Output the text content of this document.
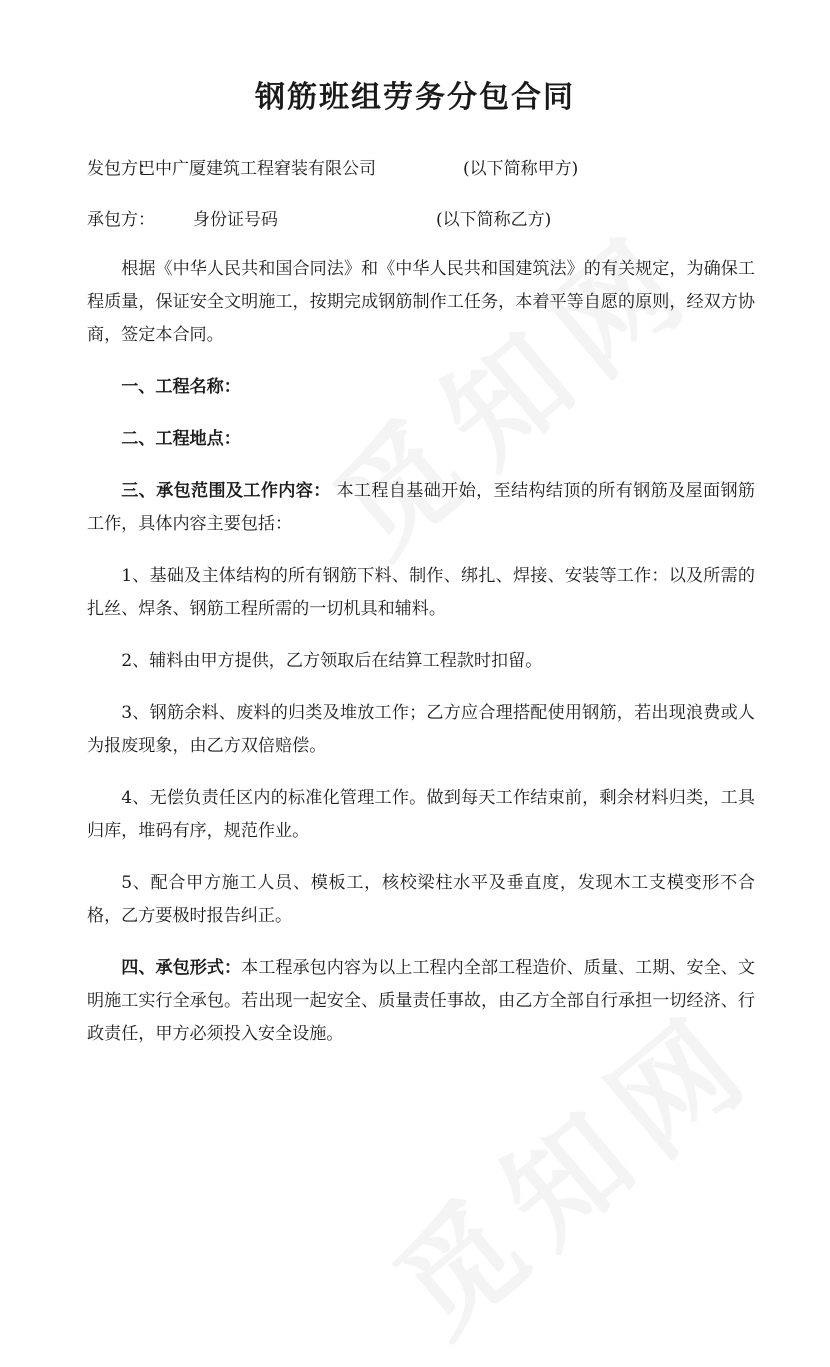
钢筋班组劳务分包合同
发包方：
巴中广厦建筑工程窘装有限公司	(以下简称甲方)
承包方： 身份证号码	(以下简称乙方)

根据《中华人民共和国合同法》和《中华人民共和国建筑法》的有关规定，为确保工程质量，保证安全文明施工，按期完成钢筋制作工任务，本着平等自愿的原则，经双方协商，签定本合同。

一、工程名称：

二、工程地点：

三、承包范围及工作内容： 本工程自基础开始，至结构结顶的所有钢筋及屋面钢筋工作，具体内容主要包括：

1、基础及主体结构的所有钢筋下料、制作、绑扎、焊接、安装等工作：以及所需的扎丝、焊条、钢筋工程所需的一切机具和辅料。

2、辅料由甲方提供，乙方领取后在结算工程款时扣留。

3、钢筋余料、废料的归类及堆放工作；乙方应合理搭配使用钢筋，若出现浪费或人为报废现象，由乙方双倍赔偿。

4、无偿负责任区内的标准化管理工作。做到每天工作结束前，剩余材料归类，工具归库，堆码有序，规范作业。

5、配合甲方施工人员、模板工，核校梁柱水平及垂直度，发现木工支模变形不合格，乙方要极时报告纠正。

四、承包形式：本工程承包内容为以上工程内全部工程造价、质量、工期、安全、文明施工实行全承包。若出现一起安全、质量责任事故，由乙方全部自行承担一切经济、行政责任，甲方必须投入安全设施。
